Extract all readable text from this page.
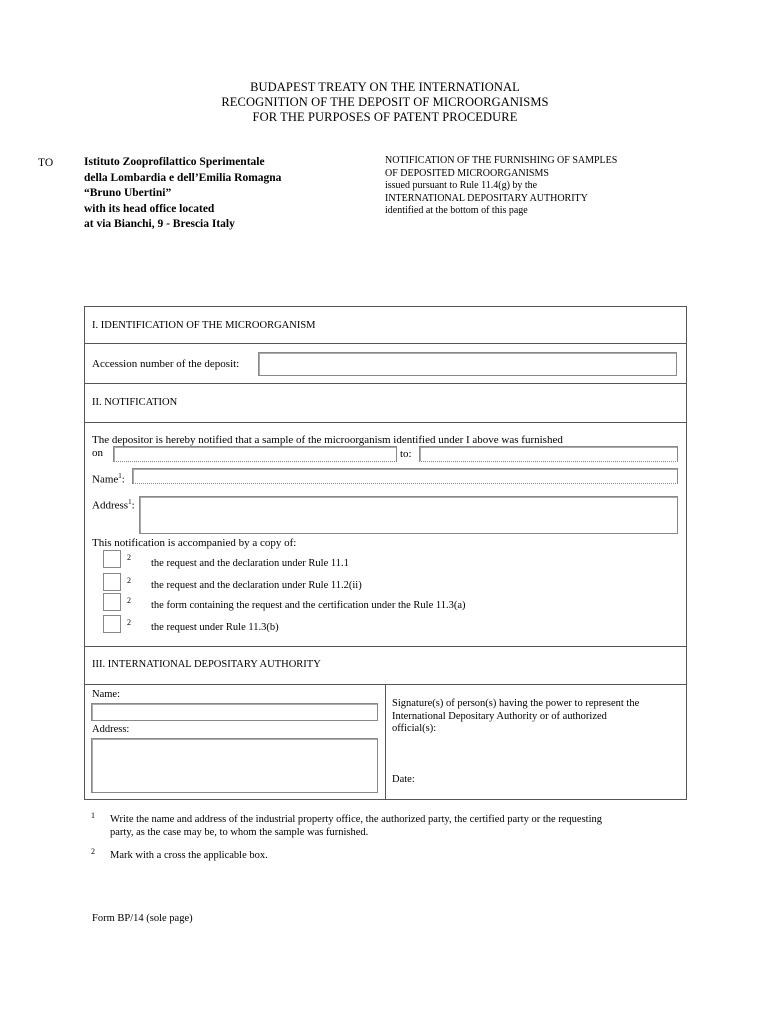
BUDAPEST TREATY ON THE INTERNATIONAL
RECOGNITION OF THE DEPOSIT OF MICROORGANISMS
FOR THE PURPOSES OF PATENT PROCEDURE
TO	Istituto Zooprofilattico Sperimentale
della Lombardia e dell’Emilia Romagna
“Bruno Ubertini”
with its head office located
at via Bianchi, 9 - Brescia Italy
NOTIFICATION OF THE FURNISHING OF SAMPLES
OF DEPOSITED MICROORGANISMS
issued pursuant to Rule 11.4(g) by the
INTERNATIONAL DEPOSITARY AUTHORITY
identified at the bottom of this page
I. IDENTIFICATION OF THE MICROORGANISM
Accession number of the deposit:
II. NOTIFICATION
The depositor is hereby notified that a sample of the microorganism identified under I above was furnished
on	to:
Name$^1$:
Address$^1$:
This notification is accompanied by a copy of:
2
the request and the declaration under Rule 11.1
2 the request and the declaration under Rule 11.2(ii)
2 the form containing the request and the certification under the Rule 11.3(a)
2 the request under Rule 11.3(b)
III. INTERNATIONAL DEPOSITARY AUTHORITY
Name:
Address:
Signature(s) of person(s) having the power to represent the
International Depositary Authority or of authorized
official(s):
Date:
1 Write the name and address of the industrial property office, the authorized party, the certified party or the requesting
party, as the case may be, to whom the sample was furnished.
2 Mark with a cross the applicable box.
Form BP/14 (sole page)
